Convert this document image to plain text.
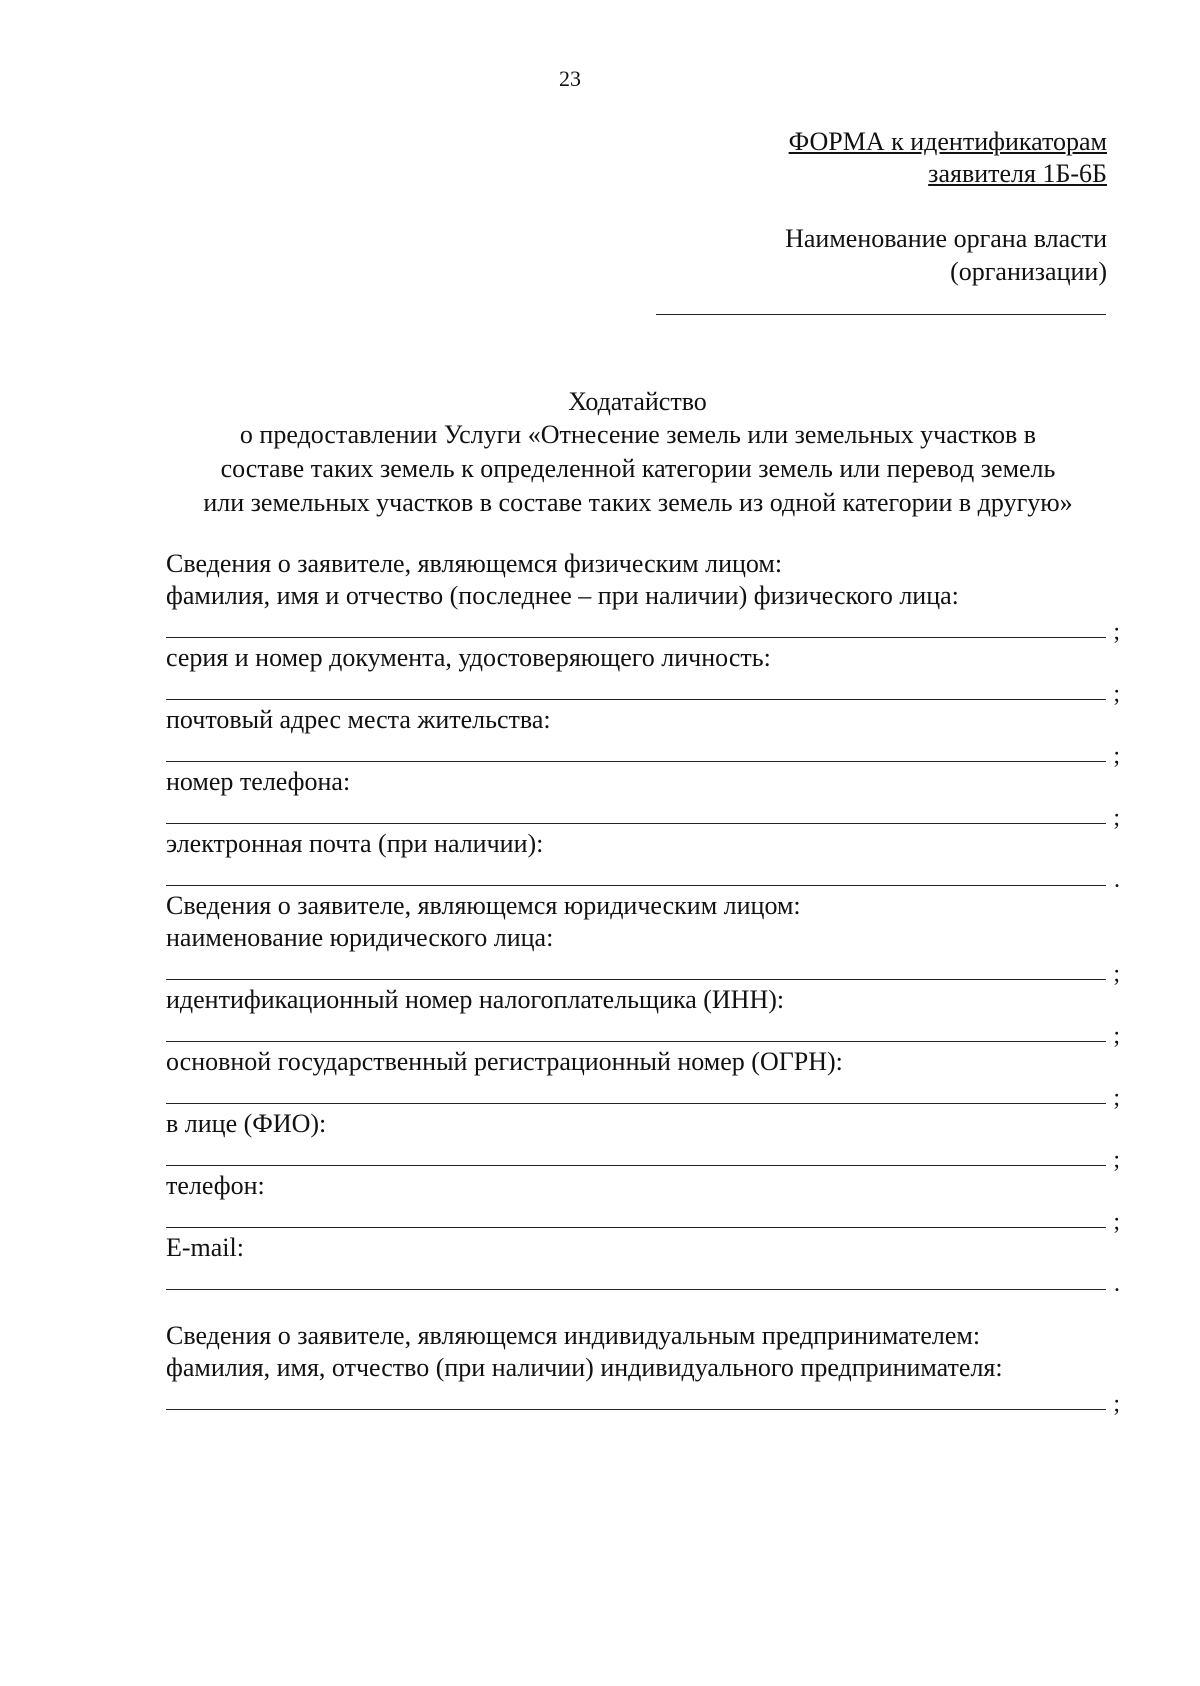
23
ФОРМА к идентификаторам
заявителя 1Б-6Б
Наименование органа власти
(организации)
Ходатайство
о предоставлении Услуги «Отнесение земель или земельных участков в
составе таких земель к определенной категории земель или перевод земель
или земельных участков в составе таких земель из одной категории в другую»
Сведения о заявителе, являющемся физическим лицом:
фамилия, имя и отчество (последнее – при наличии) физического лица:
;
серия и номер документа, удостоверяющего личность:
;
почтовый адрес места жительства:
;
номер телефона:
;
электронная почта (при наличии):
.
Сведения о заявителе, являющемся юридическим лицом:
наименование юридического лица:
;
идентификационный номер налогоплательщика (ИНН):
;
основной государственный регистрационный номер (ОГРН):
;
в лице (ФИО):
;
телефон:
;
E-mail:
.
Сведения о заявителе, являющемся индивидуальным предпринимателем:
фамилия, имя, отчество (при наличии) индивидуального предпринимателя:
;
